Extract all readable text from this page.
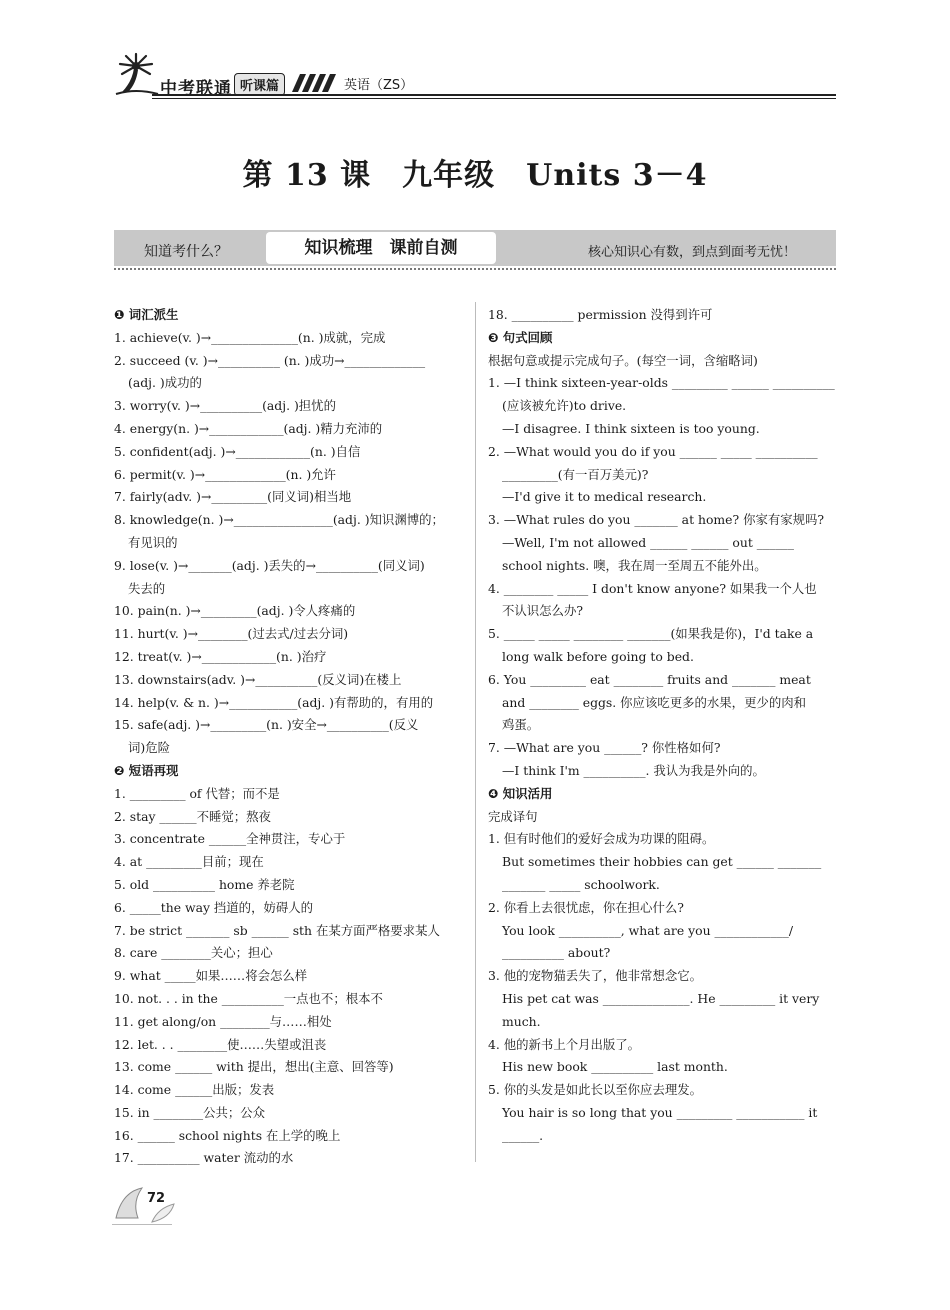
中考联通 听课篇	英语（ZS）
第 13 课　九年级　Units 3－4
知道考什么？	知识梳理　课前自测	核心知识心有数，到点到面考无忧！
❶ 词汇派生
1. achieve(v. )→______________(n. )成就，完成
2. succeed (v. )→__________ (n. )成功→_____________
(adj. )成功的
3. worry(v. )→__________(adj. )担忧的
4. energy(n. )→____________(adj. )精力充沛的
5. confident(adj. )→____________(n. )自信
6. permit(v. )→_____________(n. )允许
7. fairly(adv. )→_________(同义词)相当地
8. knowledge(n. )→________________(adj. )知识渊博的；
有见识的
9. lose(v. )→_______(adj. )丢失的→__________(同义词)
失去的
10. pain(n. )→_________(adj. )令人疼痛的
11. hurt(v. )→________(过去式/过去分词)
12. treat(v. )→____________(n. )治疗
13. downstairs(adv. )→__________(反义词)在楼上
14. help(v. & n. )→___________(adj. )有帮助的，有用的
15. safe(adj. )→_________(n. )安全→__________(反义
词)危险
❷ 短语再现
1. _________ of 代替；而不是
2. stay ______不睡觉；熬夜
3. concentrate ______全神贯注，专心于
4. at _________目前；现在
5. old __________ home 养老院
6. _____the way 挡道的，妨碍人的
7. be strict _______ sb ______ sth 在某方面严格要求某人
8. care ________关心；担心
9. what _____如果……将会怎么样
10. not. . . in the __________一点也不；根本不
11. get along/on ________与……相处
12. let. . . ________使……失望或沮丧
13. come ______ with 提出，想出(主意、回答等)
14. come ______出版；发表
15. in ________公共；公众
16. ______ school nights 在上学的晚上
17. __________ water 流动的水
18. __________ permission 没得到许可
❸ 句式回顾
根据句意或提示完成句子。(每空一词，含缩略词)
1. —I think sixteen-year-olds _________ ______ __________
(应该被允许)to drive.
—I disagree. I think sixteen is too young.
2. —What would you do if you ______ _____ __________
_________(有一百万美元)?
—I'd give it to medical research.
3. —What rules do you _______ at home? 你家有家规吗?
—Well, I'm not allowed ______ ______ out ______
school nights. 噢，我在周一至周五不能外出。
4. ________ _____ I don't know anyone? 如果我一个人也
不认识怎么办?
5. _____ _____ ________ _______(如果我是你)，I'd take a
long walk before going to bed.
6. You _________ eat ________ fruits and _______ meat
and ________ eggs. 你应该吃更多的水果，更少的肉和
鸡蛋。
7. —What are you ______? 你性格如何?
—I think I'm __________. 我认为我是外向的。
❹ 知识活用
完成译句
1. 但有时他们的爱好会成为功课的阻碍。
But sometimes their hobbies can get ______ _______
_______ _____ schoolwork.
2. 你看上去很忧虑，你在担心什么?
You look __________, what are you ____________/
__________ about?
3. 他的宠物猫丢失了，他非常想念它。
His pet cat was ______________. He _________ it very
much.
4. 他的新书上个月出版了。
His new book __________ last month.
5. 你的头发是如此长以至你应去理发。
You hair is so long that you _________ ___________ it
______.
72
